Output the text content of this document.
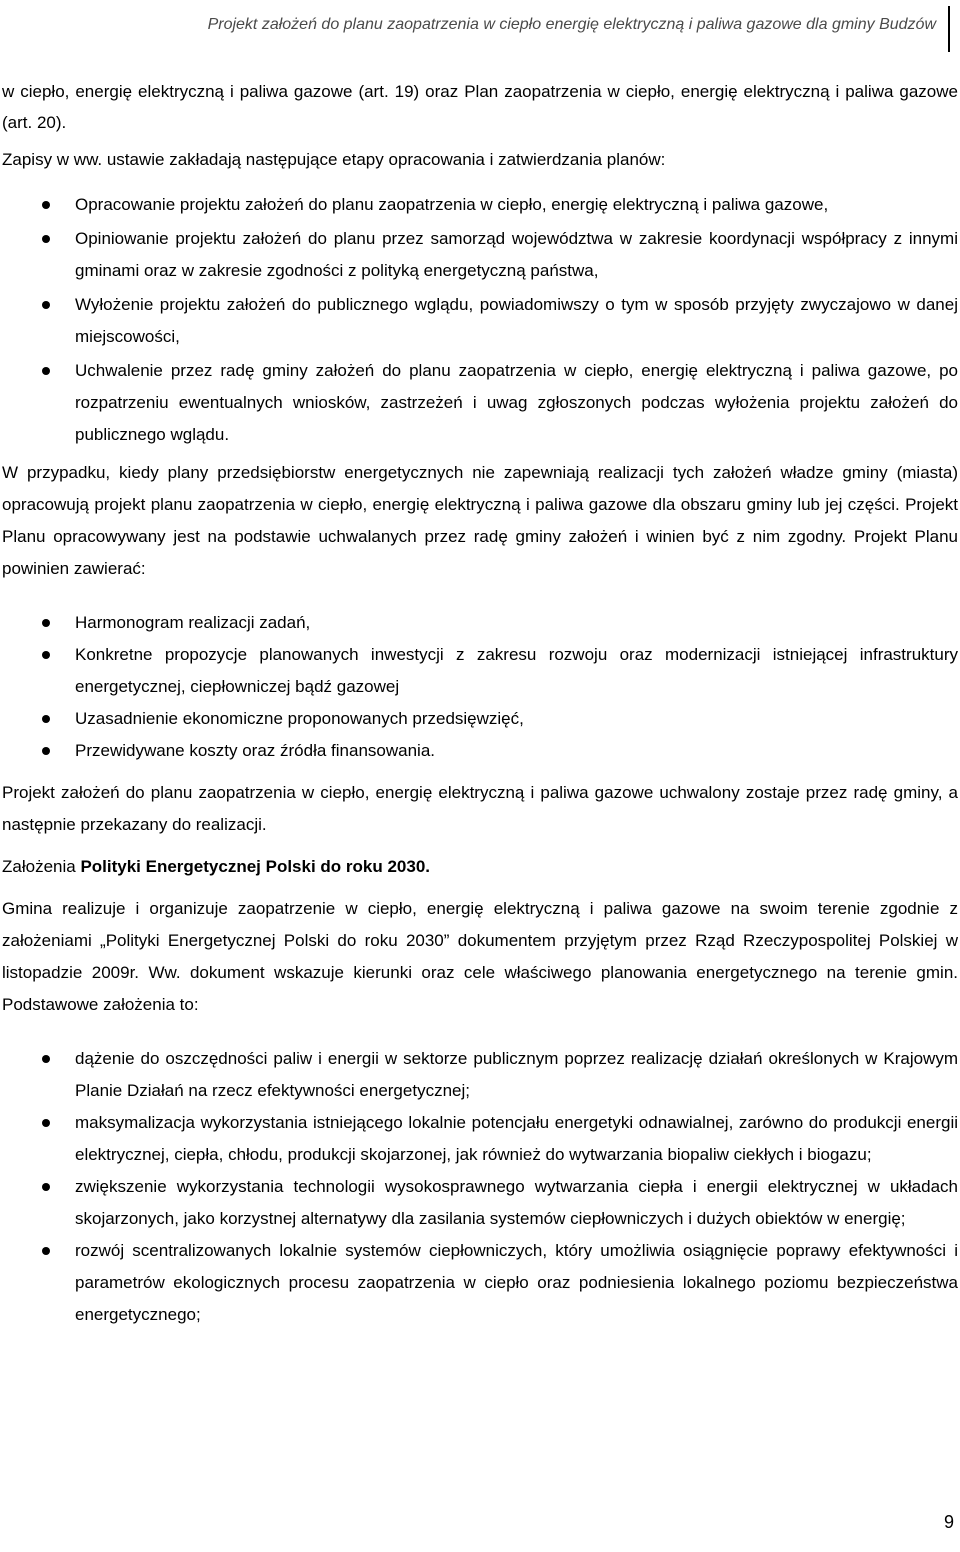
Projekt założeń do planu zaopatrzenia w ciepło energię elektryczną i paliwa gazowe dla gminy Budzów

w ciepło, energię elektryczną i paliwa gazowe (art. 19) oraz Plan zaopatrzenia w ciepło, energię elektryczną i paliwa gazowe (art. 20).

Zapisy w ww. ustawie zakładają następujące etapy opracowania i zatwierdzania planów:

Opracowanie projektu założeń do planu zaopatrzenia w ciepło, energię elektryczną i paliwa gazowe,
Opiniowanie projektu założeń do planu przez samorząd województwa w zakresie koordynacji współpracy z innymi gminami oraz w zakresie zgodności z polityką energetyczną państwa,
Wyłożenie projektu założeń do publicznego wglądu, powiadomiwszy o tym w sposób przyjęty zwyczajowo w danej miejscowości,
Uchwalenie przez radę gminy założeń do planu zaopatrzenia w ciepło, energię elektryczną i paliwa gazowe, po rozpatrzeniu ewentualnych wniosków, zastrzeżeń i uwag zgłoszonych podczas wyłożenia projektu założeń do publicznego wglądu.

W przypadku, kiedy plany przedsiębiorstw energetycznych nie zapewniają realizacji tych założeń władze gminy (miasta) opracowują projekt planu zaopatrzenia w ciepło, energię elektryczną i paliwa gazowe dla obszaru gminy lub jej części. Projekt Planu opracowywany jest na podstawie uchwalanych przez radę gminy założeń i winien być z nim zgodny. Projekt Planu powinien zawierać:

Harmonogram realizacji zadań,
Konkretne propozycje planowanych inwestycji z zakresu rozwoju oraz modernizacji istniejącej infrastruktury energetycznej, ciepłowniczej bądź gazowej
Uzasadnienie ekonomiczne proponowanych przedsięwzięć,
Przewidywane koszty oraz źródła finansowania.

Projekt założeń do planu zaopatrzenia w ciepło, energię elektryczną i paliwa gazowe uchwalony zostaje przez radę gminy, a następnie przekazany do realizacji.

Założenia Polityki Energetycznej Polski do roku 2030.

Gmina realizuje i organizuje zaopatrzenie w ciepło, energię elektryczną i paliwa gazowe na swoim terenie zgodnie z założeniami „Polityki Energetycznej Polski do roku 2030” dokumentem przyjętym przez Rząd Rzeczypospolitej Polskiej w listopadzie 2009r. Ww. dokument wskazuje kierunki oraz cele właściwego planowania energetycznego na terenie gmin. Podstawowe założenia to:

dążenie do oszczędności paliw i energii w sektorze publicznym poprzez realizację działań określonych w Krajowym Planie Działań na rzecz efektywności energetycznej;
maksymalizacja wykorzystania istniejącego lokalnie potencjału energetyki odnawialnej, zarówno do produkcji energii elektrycznej, ciepła, chłodu, produkcji skojarzonej, jak również do wytwarzania biopaliw ciekłych i biogazu;
zwiększenie wykorzystania technologii wysokosprawnego wytwarzania ciepła i energii elektrycznej w układach skojarzonych, jako korzystnej alternatywy dla zasilania systemów ciepłowniczych i dużych obiektów w energię;
rozwój scentralizowanych lokalnie systemów ciepłowniczych, który umożliwia osiągnięcie poprawy efektywności i parametrów ekologicznych procesu zaopatrzenia w ciepło oraz podniesienia lokalnego poziomu bezpieczeństwa energetycznego;
9
